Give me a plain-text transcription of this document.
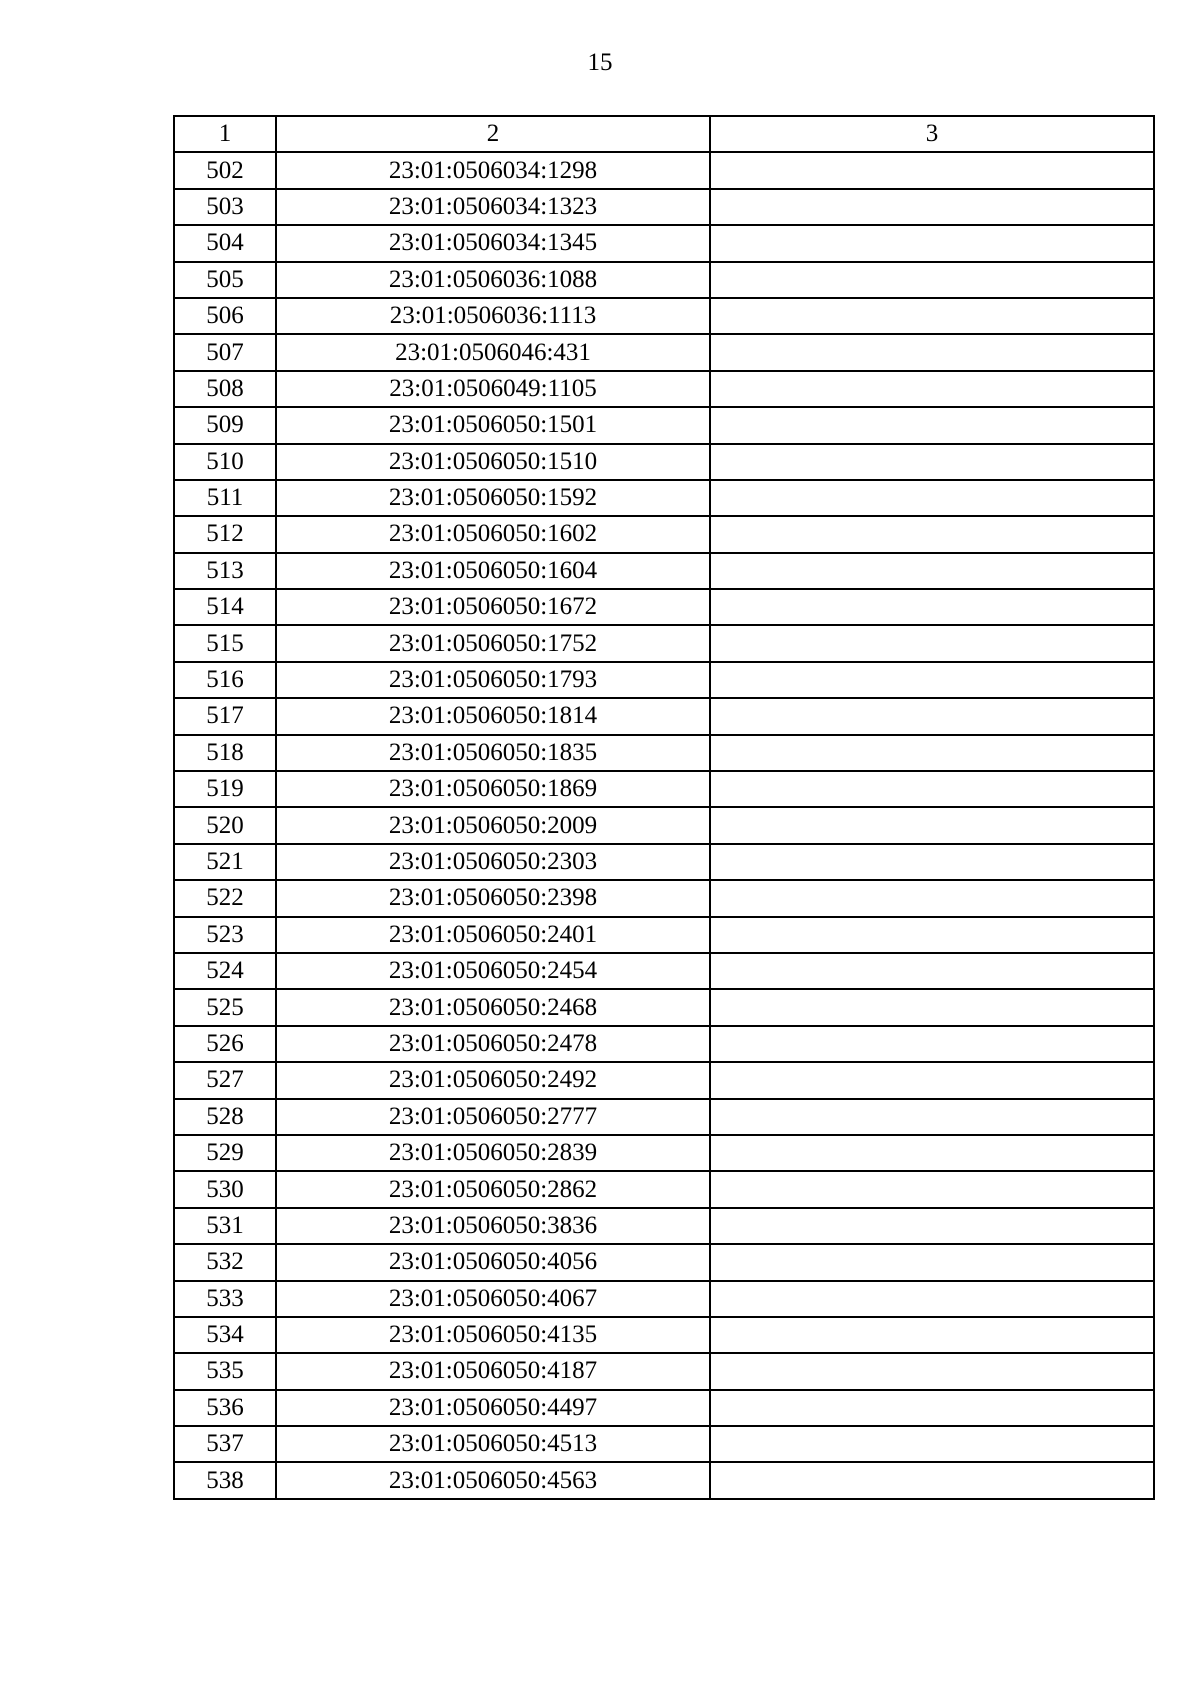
15
1	2	3
502	23:01:0506034:1298	
503	23:01:0506034:1323	
504	23:01:0506034:1345	
505	23:01:0506036:1088	
506	23:01:0506036:1113	
507	23:01:0506046:431	
508	23:01:0506049:1105	
509	23:01:0506050:1501	
510	23:01:0506050:1510	
511	23:01:0506050:1592	
512	23:01:0506050:1602	
513	23:01:0506050:1604	
514	23:01:0506050:1672	
515	23:01:0506050:1752	
516	23:01:0506050:1793	
517	23:01:0506050:1814	
518	23:01:0506050:1835	
519	23:01:0506050:1869	
520	23:01:0506050:2009	
521	23:01:0506050:2303	
522	23:01:0506050:2398	
523	23:01:0506050:2401	
524	23:01:0506050:2454	
525	23:01:0506050:2468	
526	23:01:0506050:2478	
527	23:01:0506050:2492	
528	23:01:0506050:2777	
529	23:01:0506050:2839	
530	23:01:0506050:2862	
531	23:01:0506050:3836	
532	23:01:0506050:4056	
533	23:01:0506050:4067	
534	23:01:0506050:4135	
535	23:01:0506050:4187	
536	23:01:0506050:4497	
537	23:01:0506050:4513	
538	23:01:0506050:4563	
